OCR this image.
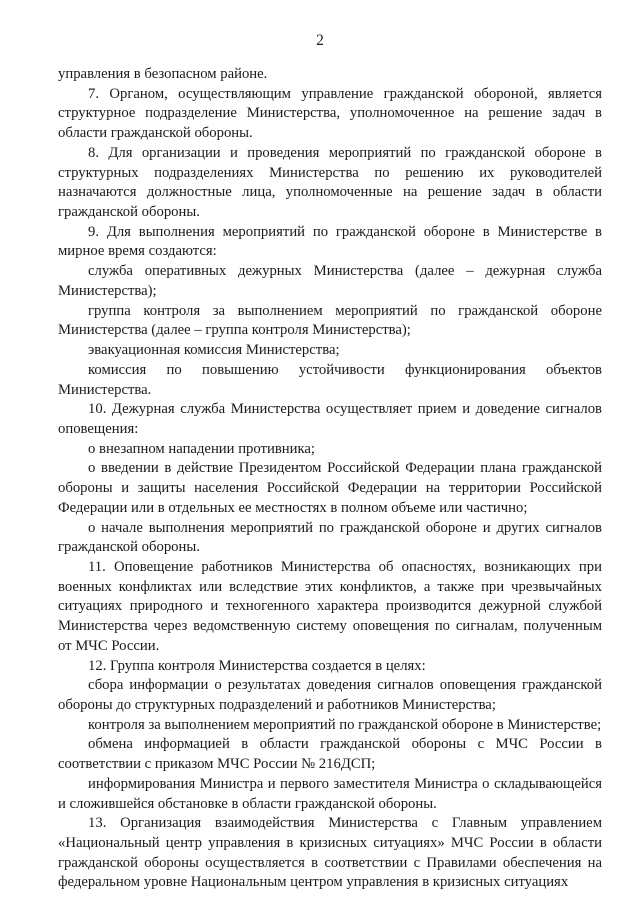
2

управления в безопасном районе.

7. Органом, осуществляющим управление гражданской обороной, является структурное подразделение Министерства, уполномоченное на решение задач в области гражданской обороны.

8. Для организации и проведения мероприятий по гражданской обороне в структурных подразделениях Министерства по решению их руководителей назначаются должностные лица, уполномоченные на решение задач в области гражданской обороны.

9. Для выполнения мероприятий по гражданской обороне в Министерстве в мирное время создаются:

служба оперативных дежурных Министерства (далее – дежурная служба Министерства);

группа контроля за выполнением мероприятий по гражданской обороне Министерства (далее – группа контроля Министерства);

эвакуационная комиссия Министерства;

комиссия по повышению устойчивости функционирования объектов Министерства.

10. Дежурная служба Министерства осуществляет прием и доведение сигналов оповещения:

о внезапном нападении противника;

о введении в действие Президентом Российской Федерации плана гражданской обороны и защиты населения Российской Федерации на территории Российской Федерации или в отдельных ее местностях в полном объеме или частично;

о начале выполнения мероприятий по гражданской обороне и других сигналов гражданской обороны.

11. Оповещение работников Министерства об опасностях, возникающих при военных конфликтах или вследствие этих конфликтов, а также при чрезвычайных ситуациях природного и техногенного характера производится дежурной службой Министерства через ведомственную систему оповещения по сигналам, полученным от МЧС России.

12. Группа контроля Министерства создается в целях:

сбора информации о результатах доведения сигналов оповещения гражданской обороны до структурных подразделений и работников Министерства;

контроля за выполнением мероприятий по гражданской обороне в Министерстве;

обмена информацией в области гражданской обороны с МЧС России в соответствии с приказом МЧС России № 216ДСП;

информирования Министра и первого заместителя Министра о складывающейся и сложившейся обстановке в области гражданской обороны.

13. Организация взаимодействия Министерства с Главным управлением «Национальный центр управления в кризисных ситуациях» МЧС России в области гражданской обороны осуществляется в соответствии с Правилами обеспечения на федеральном уровне Национальным центром управления в кризисных ситуациях
